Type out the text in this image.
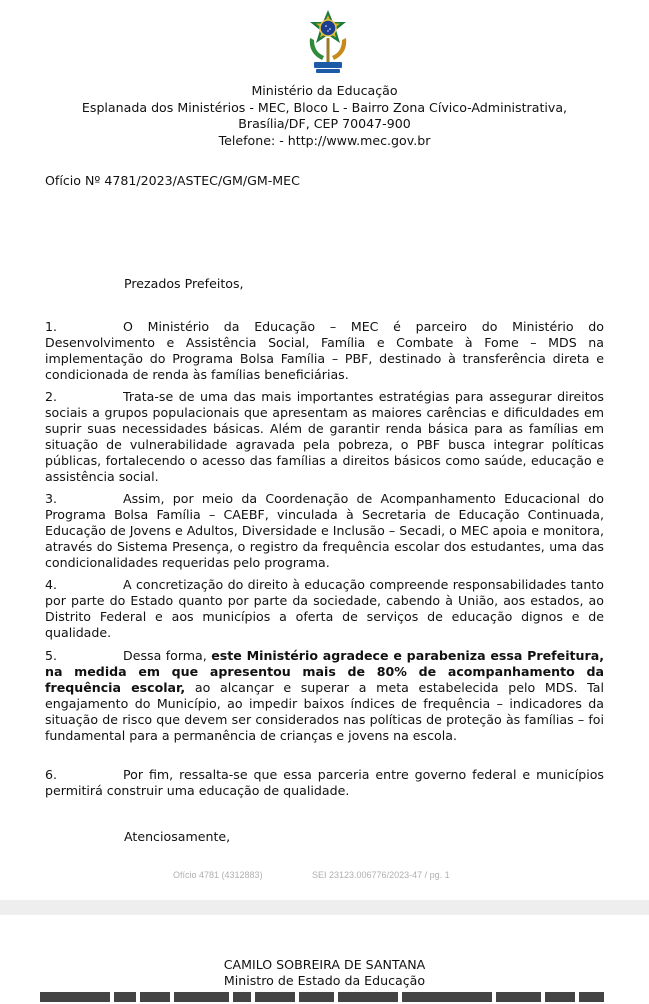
Ministério da Educação
Esplanada dos Ministérios - MEC, Bloco L - Bairro Zona Cívico-Administrativa,
Brasília/DF, CEP 70047-900
Telefone: - http://www.mec.gov.br
Ofício Nº 4781/2023/ASTEC/GM/GM-MEC
Prezados Prefeitos,
1.	O Ministério da Educação – MEC é parceiro do Ministério do Desenvolvimento e Assistência Social, Família e Combate à Fome – MDS na implementação do Programa Bolsa Família – PBF, destinado à transferência direta e condicionada de renda às famílias beneficiárias.
2.	Trata-se de uma das mais importantes estratégias para assegurar direitos sociais a grupos populacionais que apresentam as maiores carências e dificuldades em suprir suas necessidades básicas. Além de garantir renda básica para as famílias em situação de vulnerabilidade agravada pela pobreza, o PBF busca integrar políticas públicas, fortalecendo o acesso das famílias a direitos básicos como saúde, educação e assistência social.
3.	Assim, por meio da Coordenação de Acompanhamento Educacional do Programa Bolsa Família – CAEBF, vinculada à Secretaria de Educação Continuada, Educação de Jovens e Adultos, Diversidade e Inclusão – Secadi, o MEC apoia e monitora, através do Sistema Presença, o registro da frequência escolar dos estudantes, uma das condicionalidades requeridas pelo programa.
4.	A concretização do direito à educação compreende responsabilidades tanto por parte do Estado quanto por parte da sociedade, cabendo à União, aos estados, ao Distrito Federal e aos municípios a oferta de serviços de educação dignos e de qualidade.
5.	Dessa forma, este Ministério agradece e parabeniza essa Prefeitura, na medida em que apresentou mais de 80% de acompanhamento da frequência escolar, ao alcançar e superar a meta estabelecida pelo MDS. Tal engajamento do Município, ao impedir baixos índices de frequência – indicadores da situação de risco que devem ser considerados nas políticas de proteção às famílias – foi fundamental para a permanência de crianças e jovens na escola.
6.	Por fim, ressalta-se que essa parceria entre governo federal e municípios permitirá construir uma educação de qualidade.
Atenciosamente,
Ofício 4781 (4312883)	SEI 23123.006776/2023-47 / pg. 1
CAMILO SOBREIRA DE SANTANA
Ministro de Estado da Educação
